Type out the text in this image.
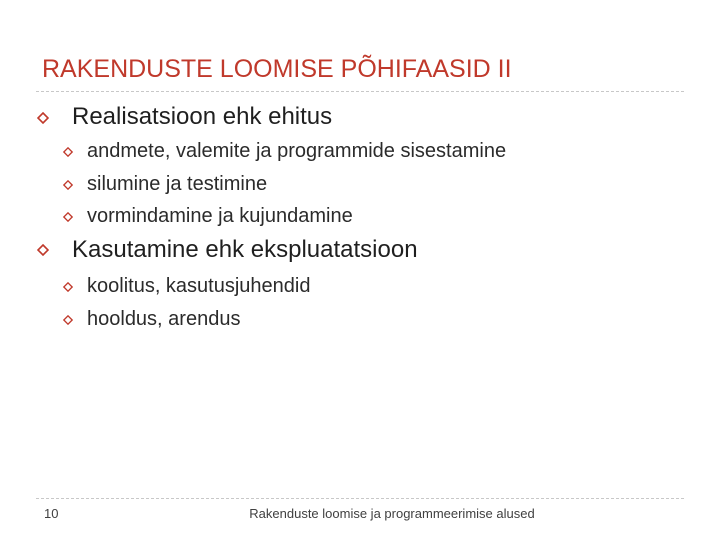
RAKENDUSTE LOOMISE PÕHIFAASID II
Realisatsioon ehk ehitus
andmete, valemite ja programmide sisestamine
silumine ja testimine
vormindamine ja kujundamine
Kasutamine ehk ekspluatatsioon
koolitus, kasutusjuhendid
hooldus, arendus
10	Rakenduste loomise ja programmeerimise alused
